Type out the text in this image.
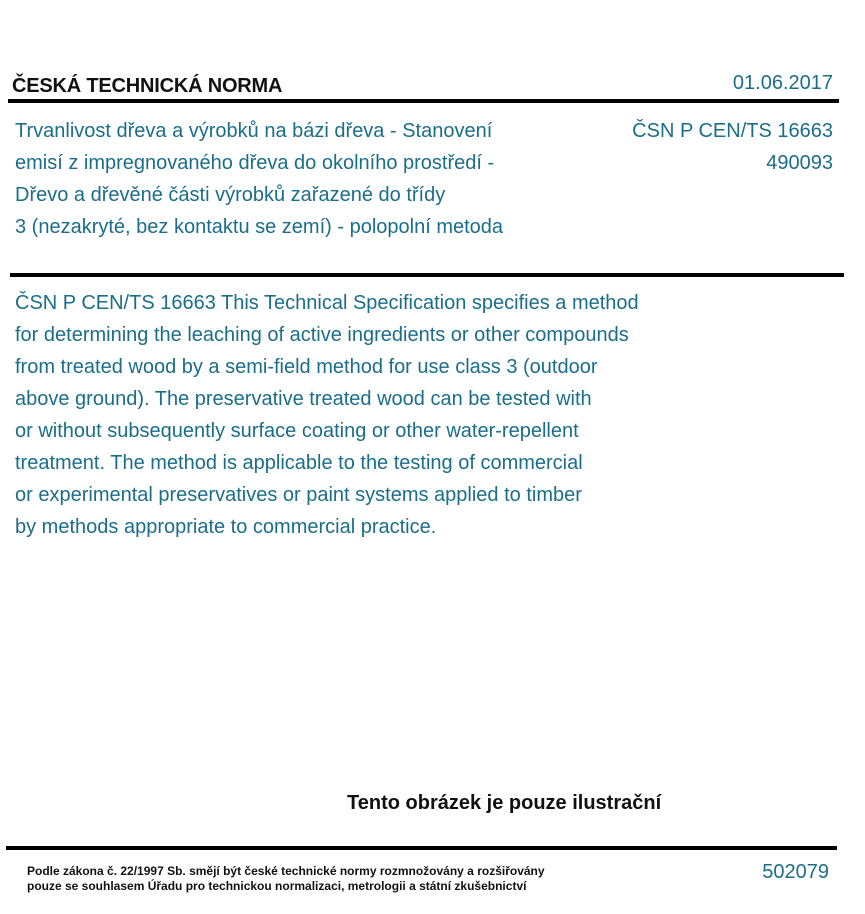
ČESKÁ TECHNICKÁ NORMA	01.06.2017
Trvanlivost dřeva a výrobků na bázi dřeva - Stanovení
emisí z impregnovaného dřeva do okolního prostředí -
Dřevo a dřevěné části výrobků zařazené do třídy
3 (nezakryté, bez kontaktu se zemí) - polopolní metoda
ČSN P CEN/TS 16663
490093
ČSN P CEN/TS 16663 This Technical Specification specifies a method
for determining the leaching of active ingredients or other compounds
from treated wood by a semi-field method for use class 3 (outdoor
above ground). The preservative treated wood can be tested with
or without subsequently surface coating or other water-repellent
treatment. The method is applicable to the testing of commercial
or experimental preservatives or paint systems applied to timber
by methods appropriate to commercial practice.
Tento obrázek je pouze ilustrační
Podle zákona č. 22/1997 Sb. smějí být české technické normy rozmnožovány a rozšiřovány
pouze se souhlasem Úřadu pro technickou normalizaci, metrologii a státní zkušebnictví
502079
